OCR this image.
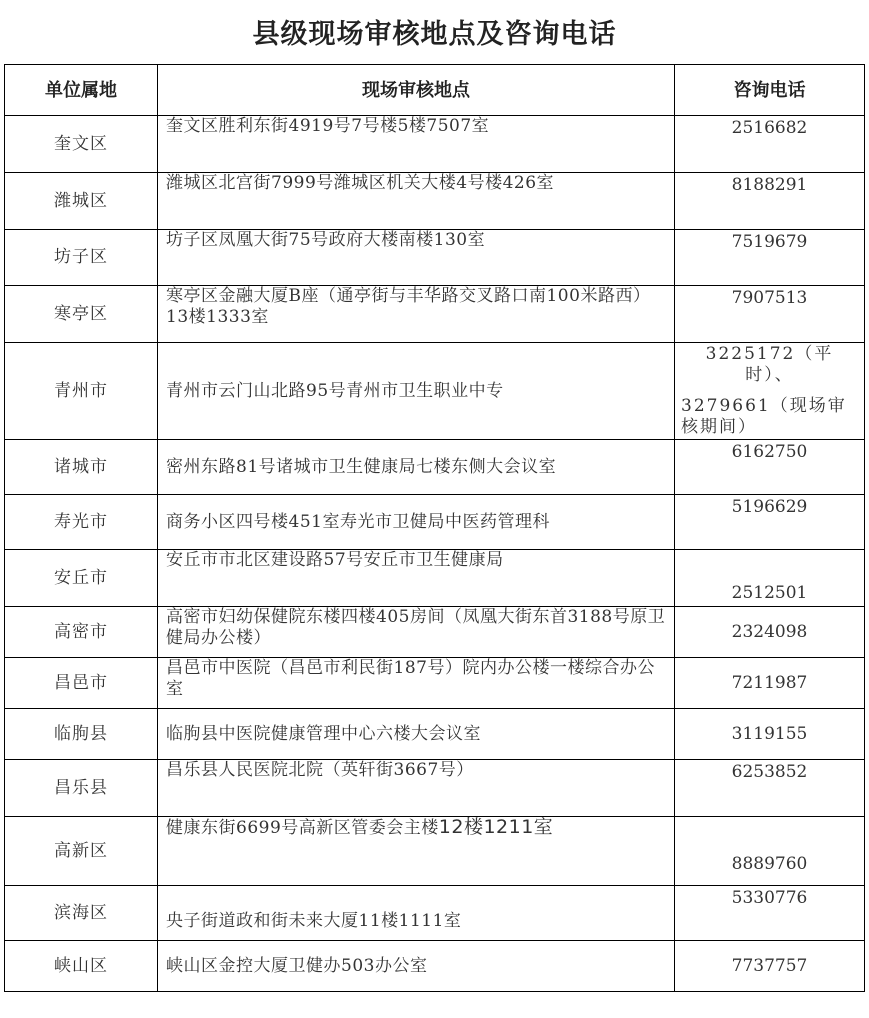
县级现场审核地点及咨询电话
单位属地	现场审核地点	咨询电话
奎文区	奎文区胜利东街4919号7号楼5楼7507室	2516682
潍城区	潍城区北宫街7999号潍城区机关大楼4号楼426室	8188291
坊子区	坊子区凤凰大街75号政府大楼南楼130室	7519679
寒亭区	寒亭区金融大厦B座（通亭街与丰华路交叉路口南100米路西）13楼1333室	7907513
青州市	青州市云门山北路95号青州市卫生职业中专	3225172（平时）、
3279661（现场审核期间）

诸城市	密州东路81号诸城市卫生健康局七楼东侧大会议室	6162750
寿光市	商务小区四号楼451室寿光市卫健局中医药管理科	5196629
安丘市	安丘市市北区建设路57号安丘市卫生健康局	2512501
高密市	高密市妇幼保健院东楼四楼405房间（凤凰大街东首3188号原卫健局办公楼）	2324098
昌邑市	昌邑市中医院（昌邑市利民街187号）院内办公楼一楼综合办公室	7211987
临朐县	临朐县中医院健康管理中心六楼大会议室	3119155
昌乐县	昌乐县人民医院北院（英轩街3667号）	6253852
高新区	健康东街6699号高新区管委会主楼12楼1211室	8889760
滨海区	央子街道政和街未来大厦11楼1111室	5330776
峡山区	峡山区金控大厦卫健办503办公室	7737757
